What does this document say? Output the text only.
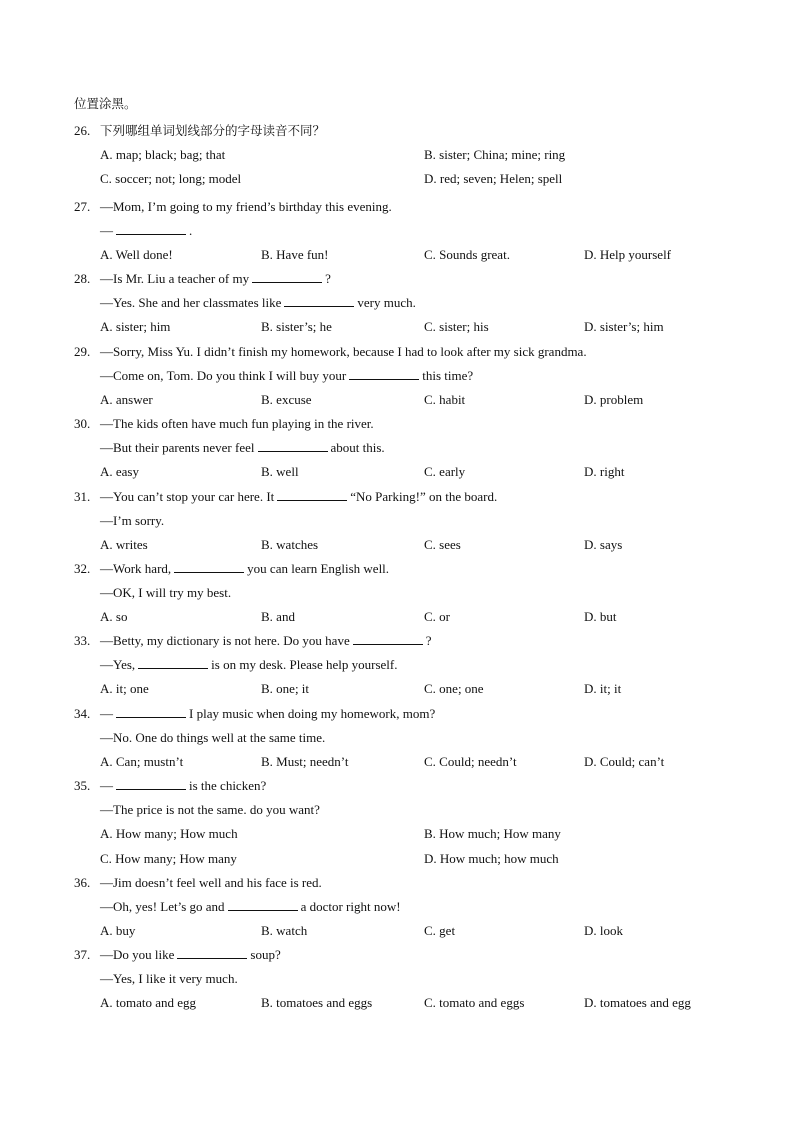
位置涂黑。
26. 下列哪组单词划线部分的字母读音不同？
A. map; black; bag; that	B. sister; China; mine; ring
C. soccer; not; long; model	D. red; seven; Helen; spell
27. —Mom, I’m going to my friend’s birthday this evening.
—	.
A. Well done!	B. Have fun!	C. Sounds great.	D. Help yourself
28. —Is Mr. Liu a teacher of my	?
—Yes. She and her classmates like	very much.
A. sister; him	B. sister’s; he	C. sister; his	D. sister’s; him
29. —Sorry, Miss Yu. I didn’t finish my homework, because I had to look after my sick grandma.
—Come on, Tom. Do you think I will buy your	this time?
A. answer	B. excuse	C. habit	D. problem
30. —The kids often have much fun playing in the river.
—But their parents never feel	about this.
A. easy	B. well	C. early	D. right
31. —You can’t stop your car here. It	“No Parking!” on the board.
—I’m sorry.
A. writes	B. watches	C. sees	D. says
32. —Work hard,	you can learn English well.
—OK, I will try my best.
A. so	B. and	C. or	D. but
33. —Betty, my dictionary is not here. Do you have	?
—Yes,	is on my desk. Please help yourself.
A. it; one	B. one; it	C. one; one	D. it; it
34. —	I play music when doing my homework, mom?
—No. One do things well at the same time.
A. Can; mustn’t	B. Must; needn’t	C. Could; needn’t	D. Could; can’t
35. —	is the chicken?
—The price is not the same. do you want?
A. How many; How much	B. How much; How many
C. How many; How many	D. How much; how much
36. —Jim doesn’t feel well and his face is red.
—Oh, yes! Let’s go and	a doctor right now!
A. buy	B. watch	C. get	D. look
37. —Do you like	soup?
—Yes, I like it very much.
A. tomato and egg	B. tomatoes and eggs	C. tomato and eggs	D. tomatoes and egg
